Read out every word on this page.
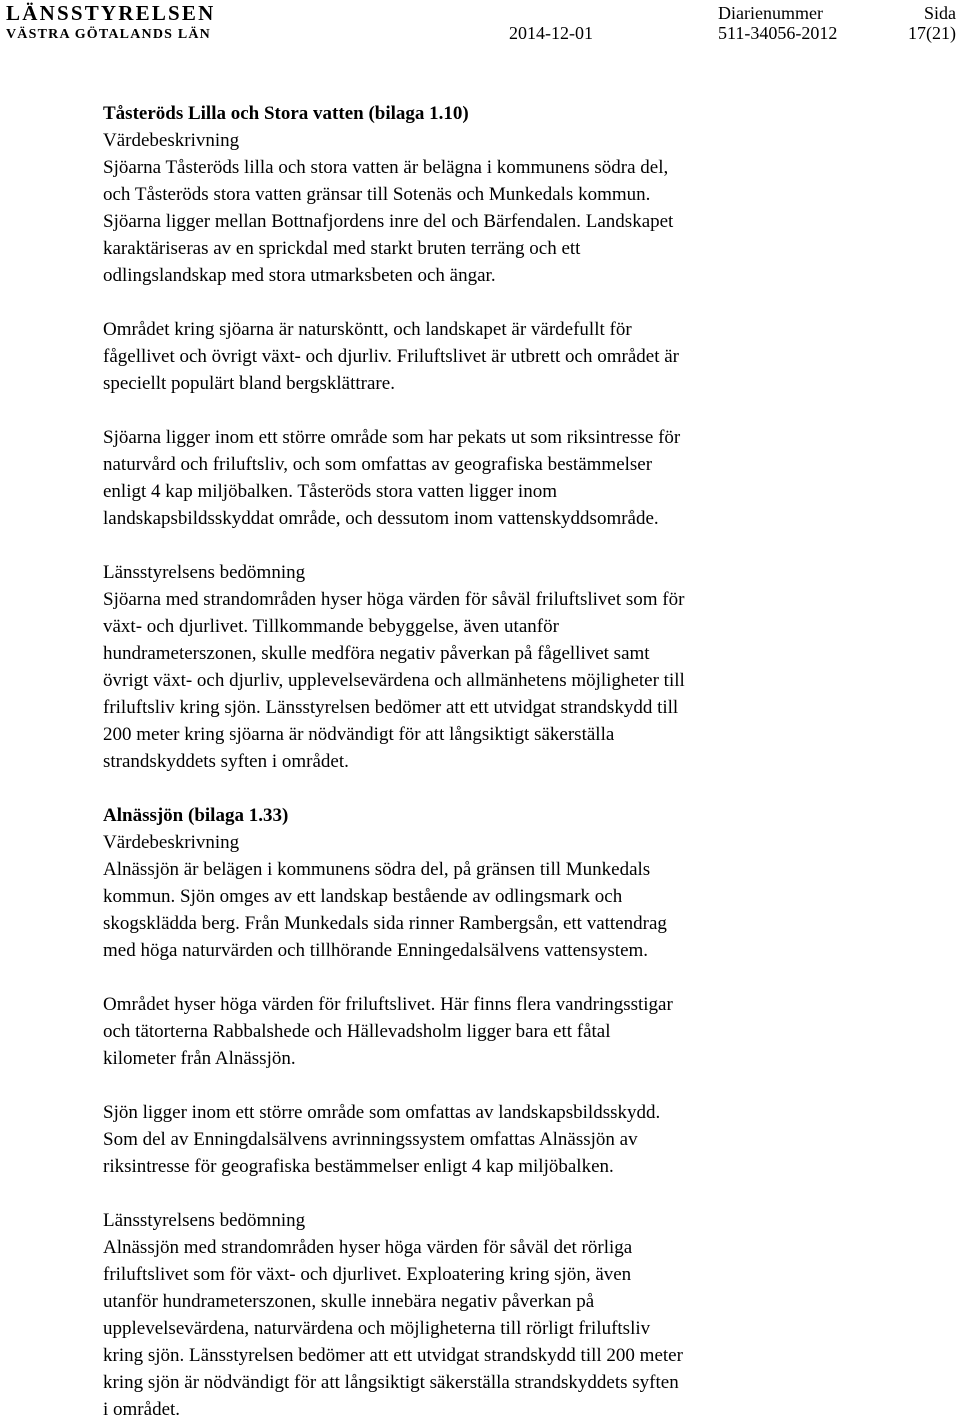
LÄNSSTYRELSEN
VÄSTRA GÖTALANDS LÄN	2014-12-01
Diarienummer
511-34056-2012
Sida
17(21)

Tåsteröds Lilla och Stora vatten (bilaga 1.10)

Värdebeskrivning

Sjöarna Tåsteröds lilla och stora vatten är belägna i kommunens södra del,
och Tåsteröds stora vatten gränsar till Sotenäs och Munkedals kommun.
Sjöarna ligger mellan Bottnafjordens inre del och Bärfendalen. Landskapet
karaktäriseras av en sprickdal med starkt bruten terräng och ett
odlingslandskap med stora utmarksbeten och ängar.

Området kring sjöarna är natursköntt, och landskapet är värdefullt för
fågellivet och övrigt växt- och djurliv. Friluftslivet är utbrett och området är
speciellt populärt bland bergsklättrare.

Sjöarna ligger inom ett större område som har pekats ut som riksintresse för
naturvård och friluftsliv, och som omfattas av geografiska bestämmelser
enligt 4 kap miljöbalken. Tåsteröds stora vatten ligger inom
landskapsbildsskyddat område, och dessutom inom vattenskyddsområde.

Länsstyrelsens bedömning

Sjöarna med strandområden hyser höga värden för såväl friluftslivet som för
växt- och djurlivet. Tillkommande bebyggelse, även utanför
hundrameterszonen, skulle medföra negativ påverkan på fågellivet samt
övrigt växt- och djurliv, upplevelsevärdena och allmänhetens möjligheter till
friluftsliv kring sjön. Länsstyrelsen bedömer att ett utvidgat strandskydd till
200 meter kring sjöarna är nödvändigt för att långsiktigt säkerställa
strandskyddets syften i området.

Alnässjön (bilaga 1.33)

Värdebeskrivning

Alnässjön är belägen i kommunens södra del, på gränsen till Munkedals
kommun. Sjön omges av ett landskap bestående av odlingsmark och
skogsklädda berg. Från Munkedals sida rinner Rambergsån, ett vattendrag
med höga naturvärden och tillhörande Enningedalsälvens vattensystem.

Området hyser höga värden för friluftslivet. Här finns flera vandringsstigar
och tätorterna Rabbalshede och Hällevadsholm ligger bara ett fåtal
kilometer från Alnässjön.

Sjön ligger inom ett större område som omfattas av landskapsbildsskydd.
Som del av Enningdalsälvens avrinningssystem omfattas Alnässjön av
riksintresse för geografiska bestämmelser enligt 4 kap miljöbalken.

Länsstyrelsens bedömning

Alnässjön med strandområden hyser höga värden för såväl det rörliga
friluftslivet som för växt- och djurlivet. Exploatering kring sjön, även
utanför hundrameterszonen, skulle innebära negativ påverkan på
upplevelsevärdena, naturvärdena och möjligheterna till rörligt friluftsliv
kring sjön. Länsstyrelsen bedömer att ett utvidgat strandskydd till 200 meter
kring sjön är nödvändigt för att långsiktigt säkerställa strandskyddets syften
i området.
